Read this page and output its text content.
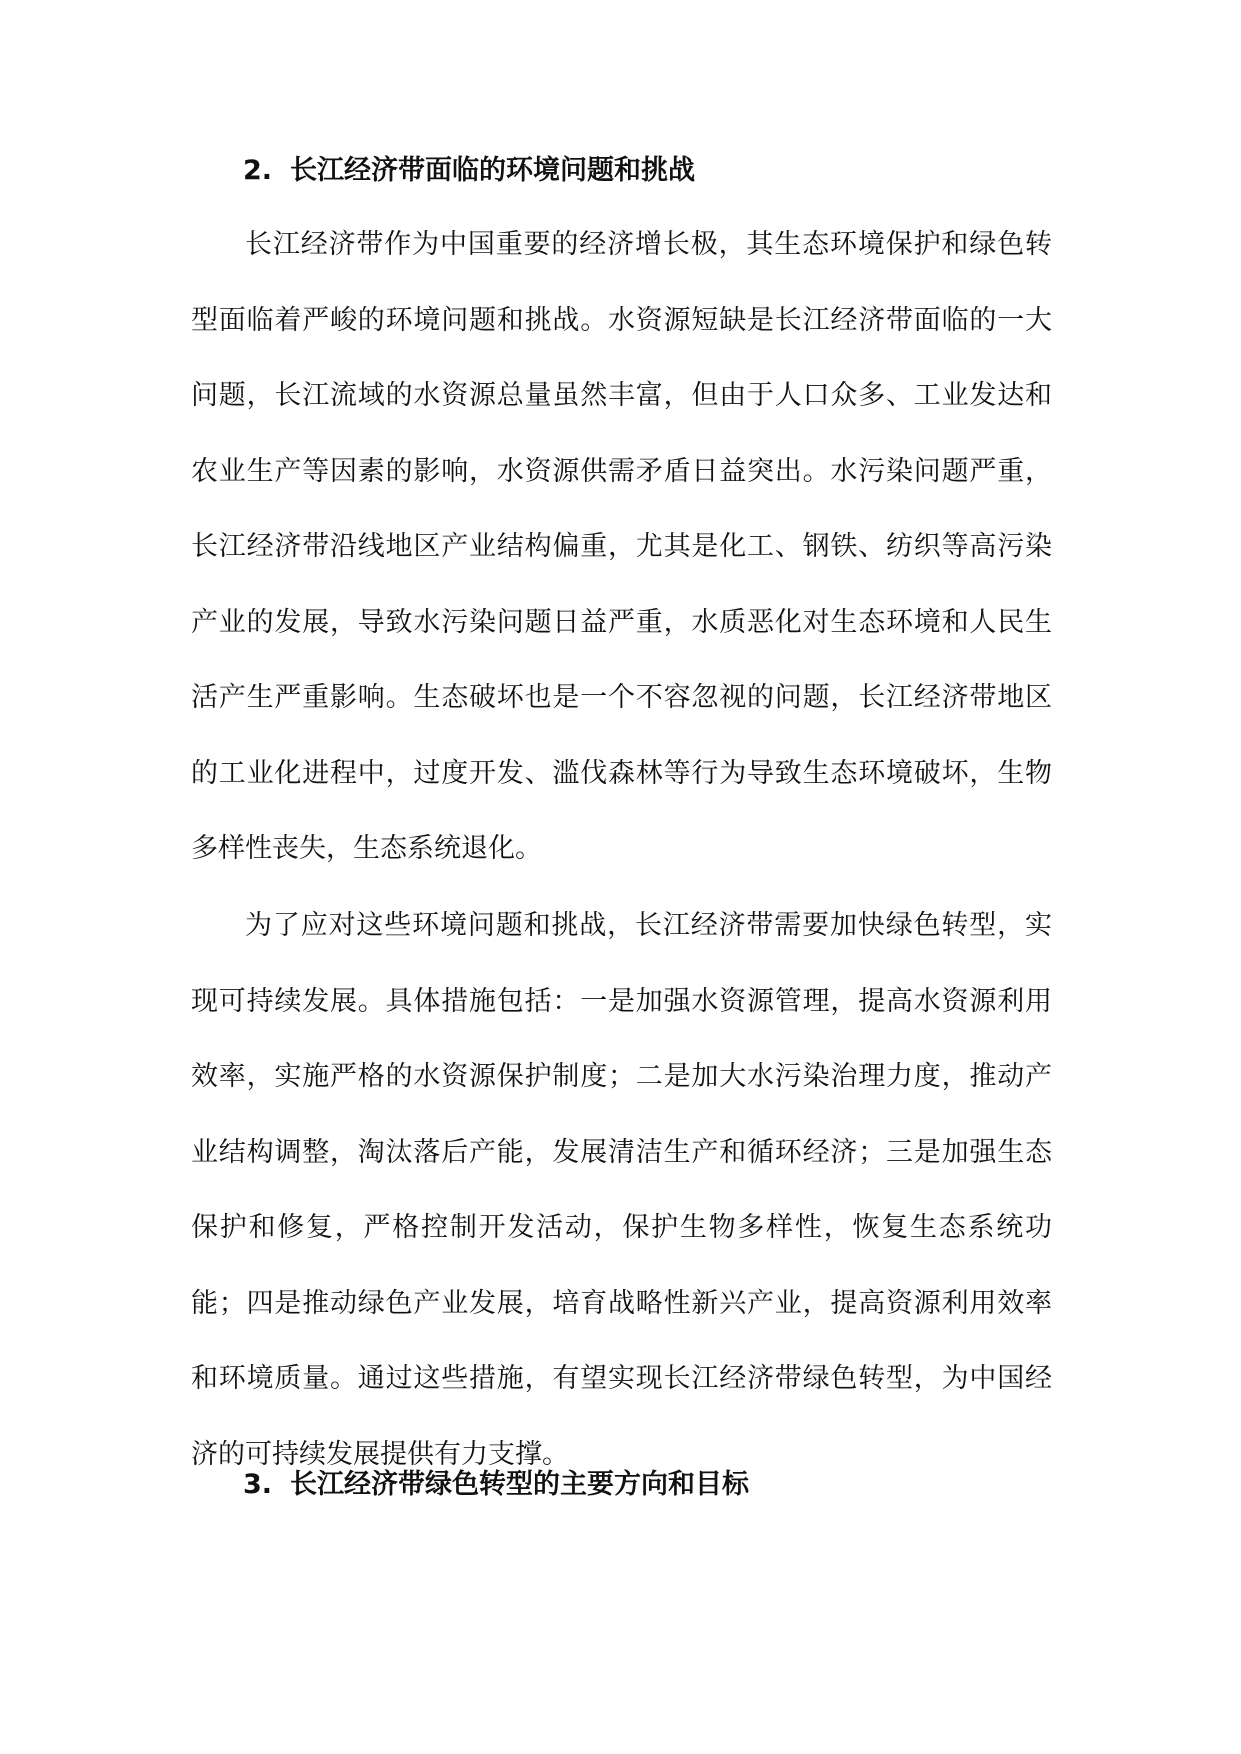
2. 长江经济带面临的环境问题和挑战

长江经济带作为中国重要的经济增长极，其生态环境保护和绿色转型面临着严峻的环境问题和挑战。水资源短缺是长江经济带面临的一大问题，长江流域的水资源总量虽然丰富，但由于人口众多、工业发达和农业生产等因素的影响，水资源供需矛盾日益突出。水污染问题严重，长江经济带沿线地区产业结构偏重，尤其是化工、钢铁、纺织等高污染产业的发展，导致水污染问题日益严重，水质恶化对生态环境和人民生活产生严重影响。生态破坏也是一个不容忽视的问题，长江经济带地区的工业化进程中，过度开发、滥伐森林等行为导致生态环境破坏，生物多样性丧失，生态系统退化。

为了应对这些环境问题和挑战，长江经济带需要加快绿色转型，实现可持续发展。具体措施包括：一是加强水资源管理，提高水资源利用效率，实施严格的水资源保护制度；二是加大水污染治理力度，推动产业结构调整，淘汰落后产能，发展清洁生产和循环经济；三是加强生态保护和修复，严格控制开发活动，保护生物多样性，恢复生态系统功能；四是推动绿色产业发展，培育战略性新兴产业，提高资源利用效率和环境质量。通过这些措施，有望实现长江经济带绿色转型，为中国经济的可持续发展提供有力支撑。

3. 长江经济带绿色转型的主要方向和目标
